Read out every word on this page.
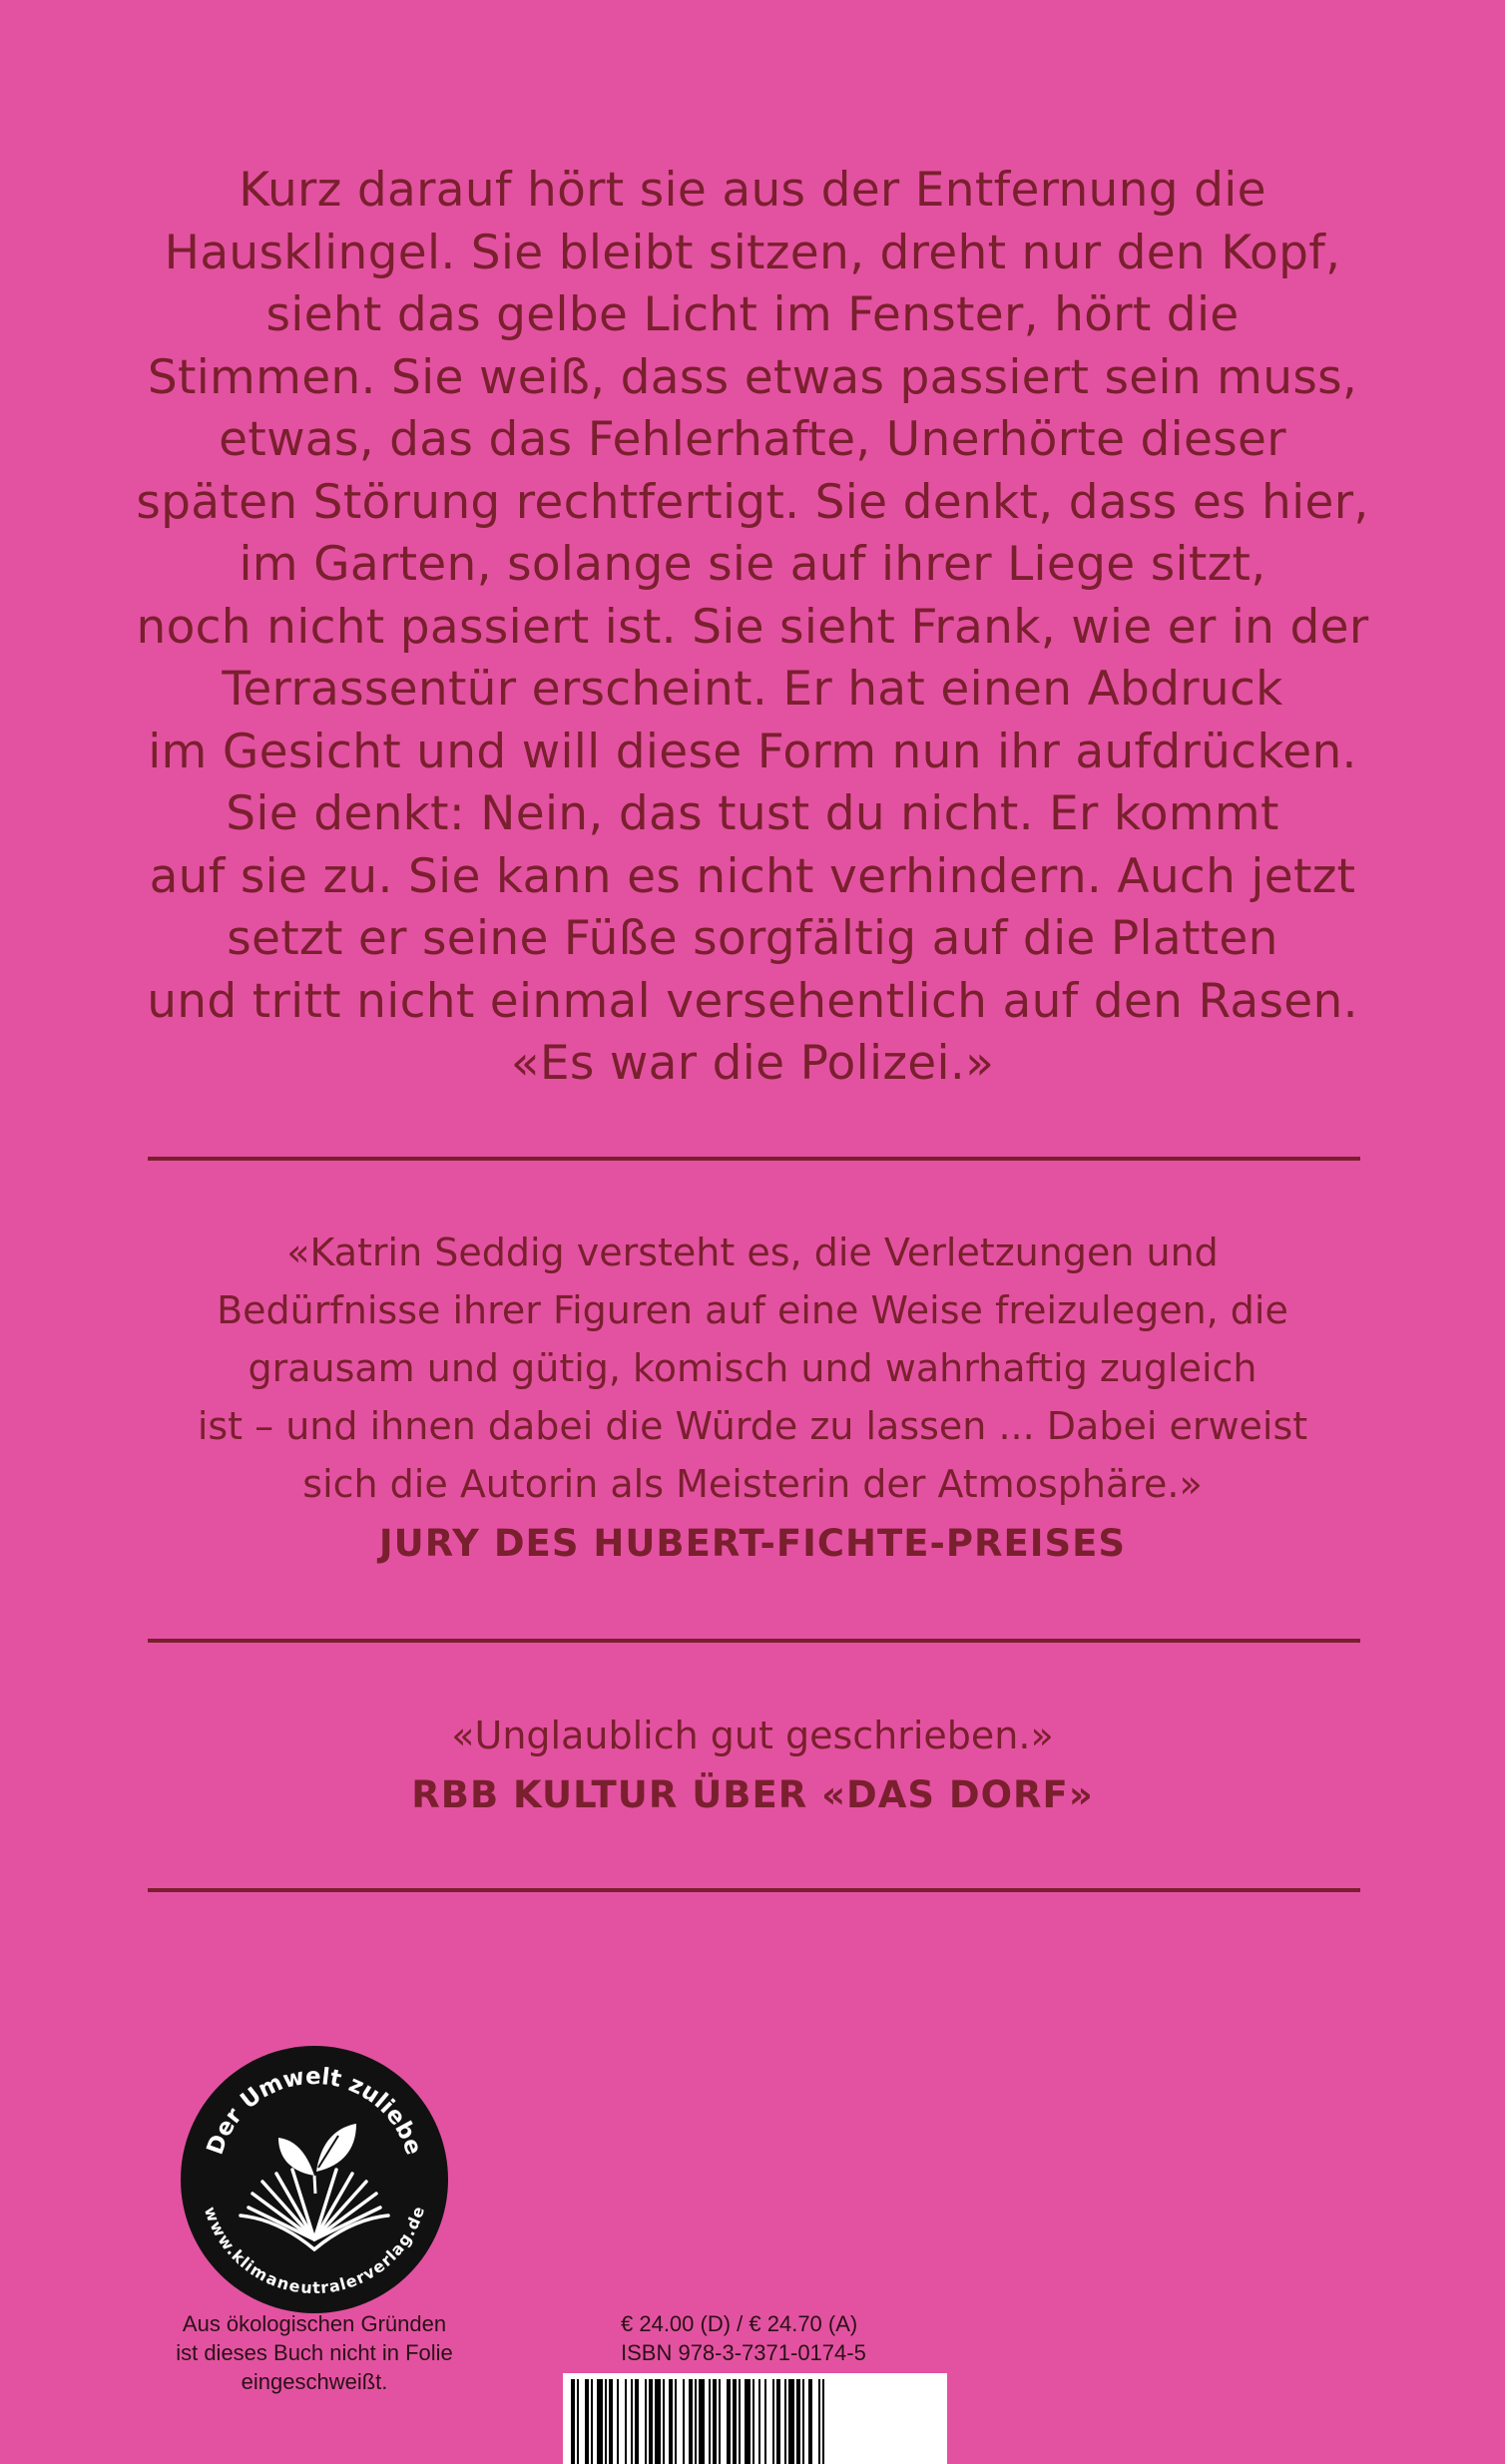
Kurz darauf hört sie aus der Entfernung die
Hausklingel. Sie bleibt sitzen, dreht nur den Kopf,
sieht das gelbe Licht im Fenster, hört die
Stimmen. Sie weiß, dass etwas passiert sein muss,
etwas, das das Fehlerhafte, Unerhörte dieser
späten Störung rechtfertigt. Sie denkt, dass es hier,
im Garten, solange sie auf ihrer Liege sitzt,
noch nicht passiert ist. Sie sieht Frank, wie er in der
Terrassentür erscheint. Er hat einen Abdruck
im Gesicht und will diese Form nun ihr aufdrücken.
Sie denkt: Nein, das tust du nicht. Er kommt
auf sie zu. Sie kann es nicht verhindern. Auch jetzt
setzt er seine Füße sorgfältig auf die Platten
und tritt nicht einmal versehentlich auf den Rasen.
«Es war die Polizei.»
«Katrin Seddig versteht es, die Verletzungen und
Bedürfnisse ihrer Figuren auf eine Weise freizulegen, die
grausam und gütig, komisch und wahrhaftig zugleich
ist – und ihnen dabei die Würde zu lassen ... Dabei erweist
sich die Autorin als Meisterin der Atmosphäre.»
JURY DES HUBERT-FICHTE-PREISES
«Unglaublich gut geschrieben.»
RBB KULTUR ÜBER «DAS DORF»
Der Umwelt zuliebe
www.klimaneutralerverlag.de
Aus ökologischen Gründen
ist dieses Buch nicht in Folie
eingeschweißt.
€ 24.00 (D) / € 24.70 (A)
ISBN 978-3-7371-0174-5
